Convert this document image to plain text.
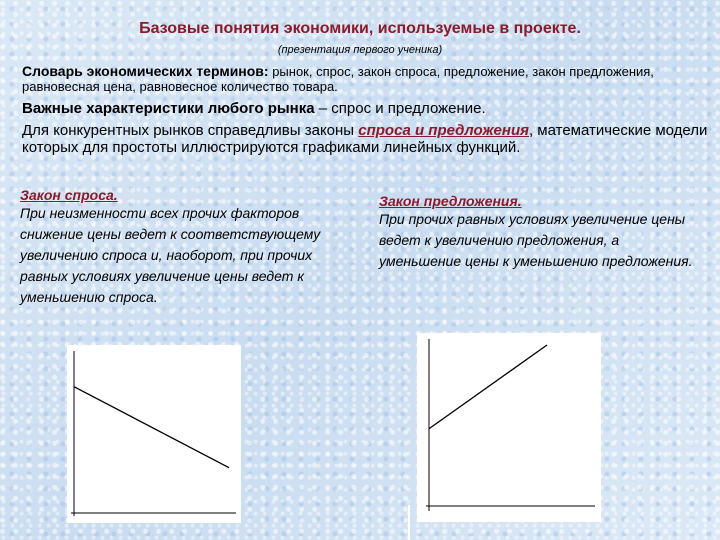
Базовые понятия экономики, используемые в проекте.
(презентация первого ученика)
Словарь экономических терминов: рынок, спрос, закон спроса, предложение, закон предложения, равновесная цена, равновесное количество товара.
Важные характеристики любого рынка – спрос и предложение.
Для конкурентных рынков справедливы законы спроса и предложения, математические модели которых для простоты иллюстрируются графиками линейных функций.
Закон спроса.
При неизменности всех прочих факторов снижение цены ведет к соответствующему увеличению спроса и, наоборот, при прочих равных условиях увеличение цены ведет к уменьшению спроса.
Закон предложения.
При прочих равных условиях увеличение цены ведет к увеличению предложения, а уменьшение цены к уменьшению предложения.
